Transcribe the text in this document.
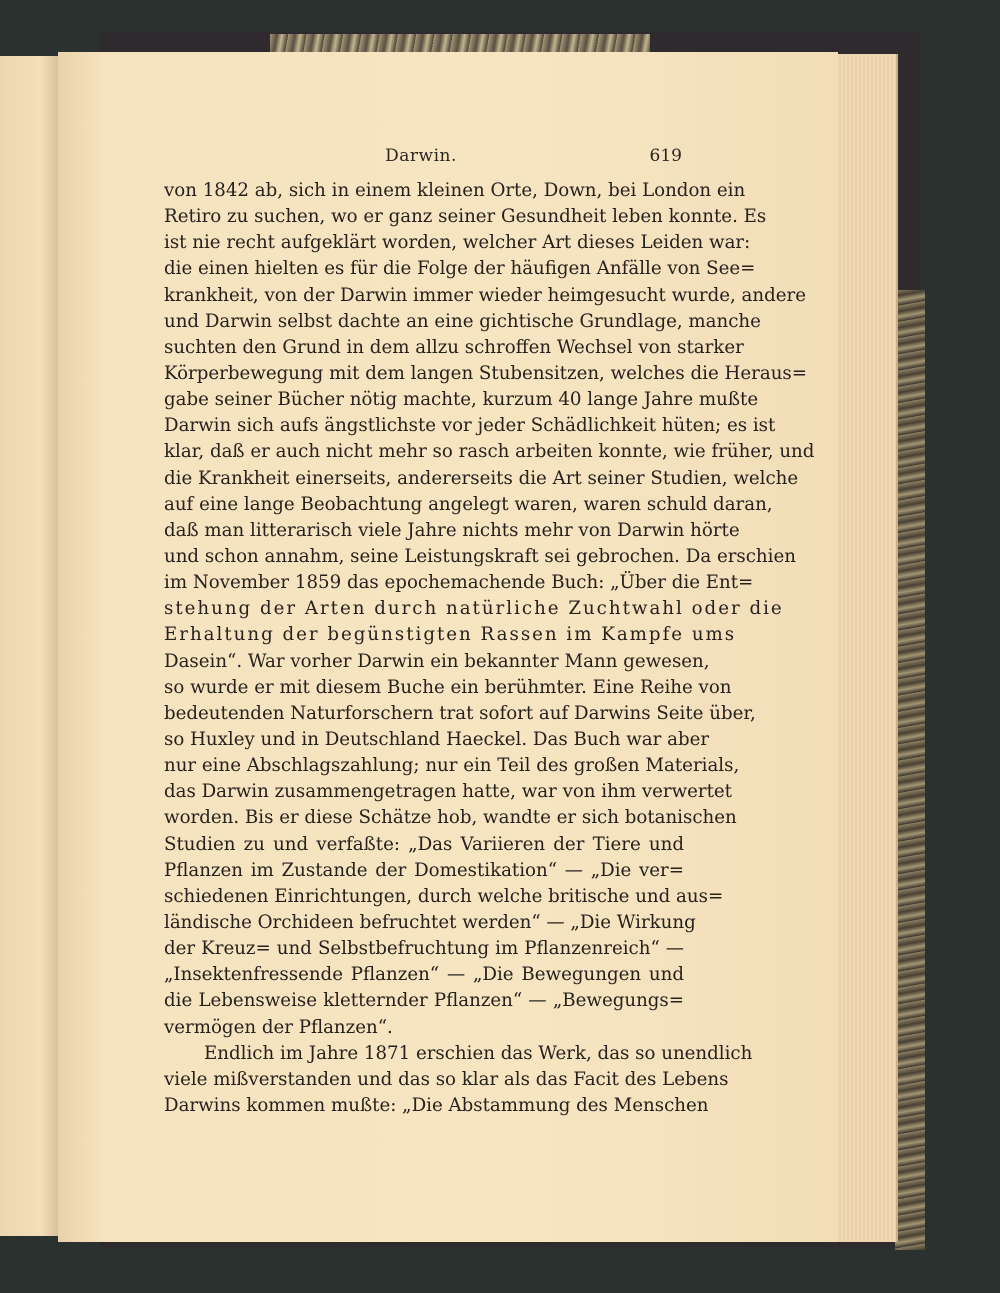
Darwin.	619
von 1842 ab, sich in einem kleinen Orte, Down, bei London ein
Retiro zu suchen, wo er ganz seiner Gesundheit leben konnte. Es
ist nie recht aufgeklärt worden, welcher Art dieses Leiden war:
die einen hielten es für die Folge der häufigen Anfälle von See=
krankheit, von der Darwin immer wieder heimgesucht wurde, andere
und Darwin selbst dachte an eine gichtische Grundlage, manche
suchten den Grund in dem allzu schroffen Wechsel von starker
Körperbewegung mit dem langen Stubensitzen, welches die Heraus=
gabe seiner Bücher nötig machte, kurzum 40 lange Jahre mußte
Darwin sich aufs ängstlichste vor jeder Schädlichkeit hüten; es ist
klar, daß er auch nicht mehr so rasch arbeiten konnte, wie früher, und
die Krankheit einerseits, andererseits die Art seiner Studien, welche
auf eine lange Beobachtung angelegt waren, waren schuld daran,
daß man litterarisch viele Jahre nichts mehr von Darwin hörte
und schon annahm, seine Leistungskraft sei gebrochen. Da erschien
im November 1859 das epochemachende Buch: „Über die Ent=
stehung der Arten durch natürliche Zuchtwahl oder die
Erhaltung der begünstigten Rassen im Kampfe ums
Dasein“. War vorher Darwin ein bekannter Mann gewesen,
so wurde er mit diesem Buche ein berühmter. Eine Reihe von
bedeutenden Naturforschern trat sofort auf Darwins Seite über,
so Huxley und in Deutschland Haeckel. Das Buch war aber
nur eine Abschlagszahlung; nur ein Teil des großen Materials,
das Darwin zusammengetragen hatte, war von ihm verwertet
worden. Bis er diese Schätze hob, wandte er sich botanischen
Studien zu und verfaßte: „Das Variieren der Tiere und
Pflanzen im Zustande der Domestikation“ — „Die ver=
schiedenen Einrichtungen, durch welche britische und aus=
ländische Orchideen befruchtet werden“ — „Die Wirkung
der Kreuz= und Selbstbefruchtung im Pflanzenreich“ —
„Insektenfressende Pflanzen“ — „Die Bewegungen und
die Lebensweise kletternder Pflanzen“ — „Bewegungs=
vermögen der Pflanzen“.
Endlich im Jahre 1871 erschien das Werk, das so unendlich
viele mißverstanden und das so klar als das Facit des Lebens
Darwins kommen mußte: „Die Abstammung des Menschen
